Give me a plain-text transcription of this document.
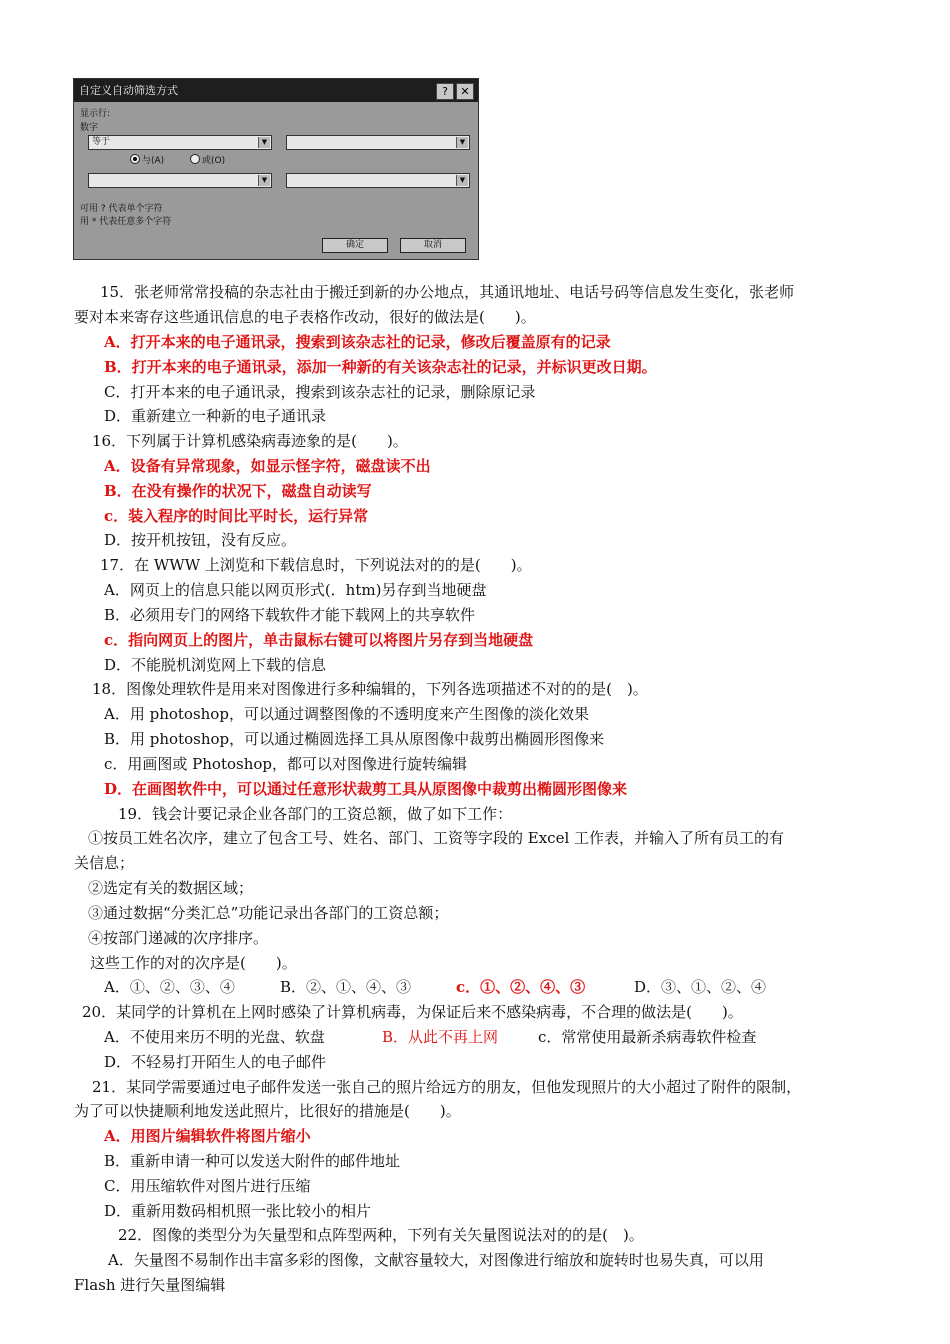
自定义自动筛选方式	?	✕
显示行:
数字
等于	▼	▼
与(A)	或(O)
▼	▼
可用 ? 代表单个字符
用 * 代表任意多个字符
确定	取消
15．张老师常常投稿的杂志社由于搬迁到新的办公地点，其通讯地址、电话号码等信息发生变化，张老师
要对本来寄存这些通讯信息的电子表格作改动，很好的做法是(　　)。
A．打开本来的电子通讯录，搜索到该杂志社的记录，修改后覆盖原有的记录
B．打开本来的电子通讯录，添加一种新的有关该杂志社的记录，并标识更改日期。
C．打开本来的电子通讯录，搜索到该杂志社的记录，删除原记录
D．重新建立一种新的电子通讯录
16．下列属于计算机感染病毒迹象的是(　　)。
A．设备有异常现象，如显示怪字符，磁盘读不出
B．在没有操作的状况下，磁盘自动读写
c．装入程序的时间比平时长，运行异常
D．按开机按钮，没有反应。
17．在 WWW 上浏览和下载信息时，下列说法对的的是(　　)。
A．网页上的信息只能以网页形式(．htm)另存到当地硬盘
B．必须用专门的网络下载软件才能下载网上的共享软件
c．指向网页上的图片，单击鼠标右键可以将图片另存到当地硬盘
D．不能脱机浏览网上下载的信息
18．图像处理软件是用来对图像进行多种编辑的，下列各选项描述不对的的是(　)。
A．用 photoshop，可以通过调整图像的不透明度来产生图像的淡化效果
B．用 photoshop，可以通过椭圆选择工具从原图像中裁剪出椭圆形图像来
c．用画图或 Photoshop，都可以对图像进行旋转编辑
D．在画图软件中，可以通过任意形状裁剪工具从原图像中裁剪出椭圆形图像来
19．钱会计要记录企业各部门的工资总额，做了如下工作：
①按员工姓名次序，建立了包含工号、姓名、部门、工资等字段的 Excel 工作表，并输入了所有员工的有
关信息；
②选定有关的数据区域；
③通过数据“分类汇总”功能记录出各部门的工资总额；
④按部门递减的次序排序。
这些工作的对的次序是(　　)。
A．①、②、③、④	B．②、①、④、③	c．①、②、④、③	D．③、①、②、④
20．某同学的计算机在上网时感染了计算机病毒，为保证后来不感染病毒，不合理的做法是(　　)。
A．不使用来历不明的光盘、软盘	B．从此不再上网	c．常常使用最新杀病毒软件检查
D．不轻易打开陌生人的电子邮件
21．某同学需要通过电子邮件发送一张自己的照片给远方的朋友，但他发现照片的大小超过了附件的限制，
为了可以快捷顺利地发送此照片，比很好的措施是(　　)。
A．用图片编辑软件将图片缩小
B．重新申请一种可以发送大附件的邮件地址
C．用压缩软件对图片进行压缩
D．重新用数码相机照一张比较小的相片
22．图像的类型分为矢量型和点阵型两种，下列有关矢量图说法对的的是(　)。
A．矢量图不易制作出丰富多彩的图像，文献容量较大，对图像进行缩放和旋转时也易失真，可以用
Flash 进行矢量图编辑
